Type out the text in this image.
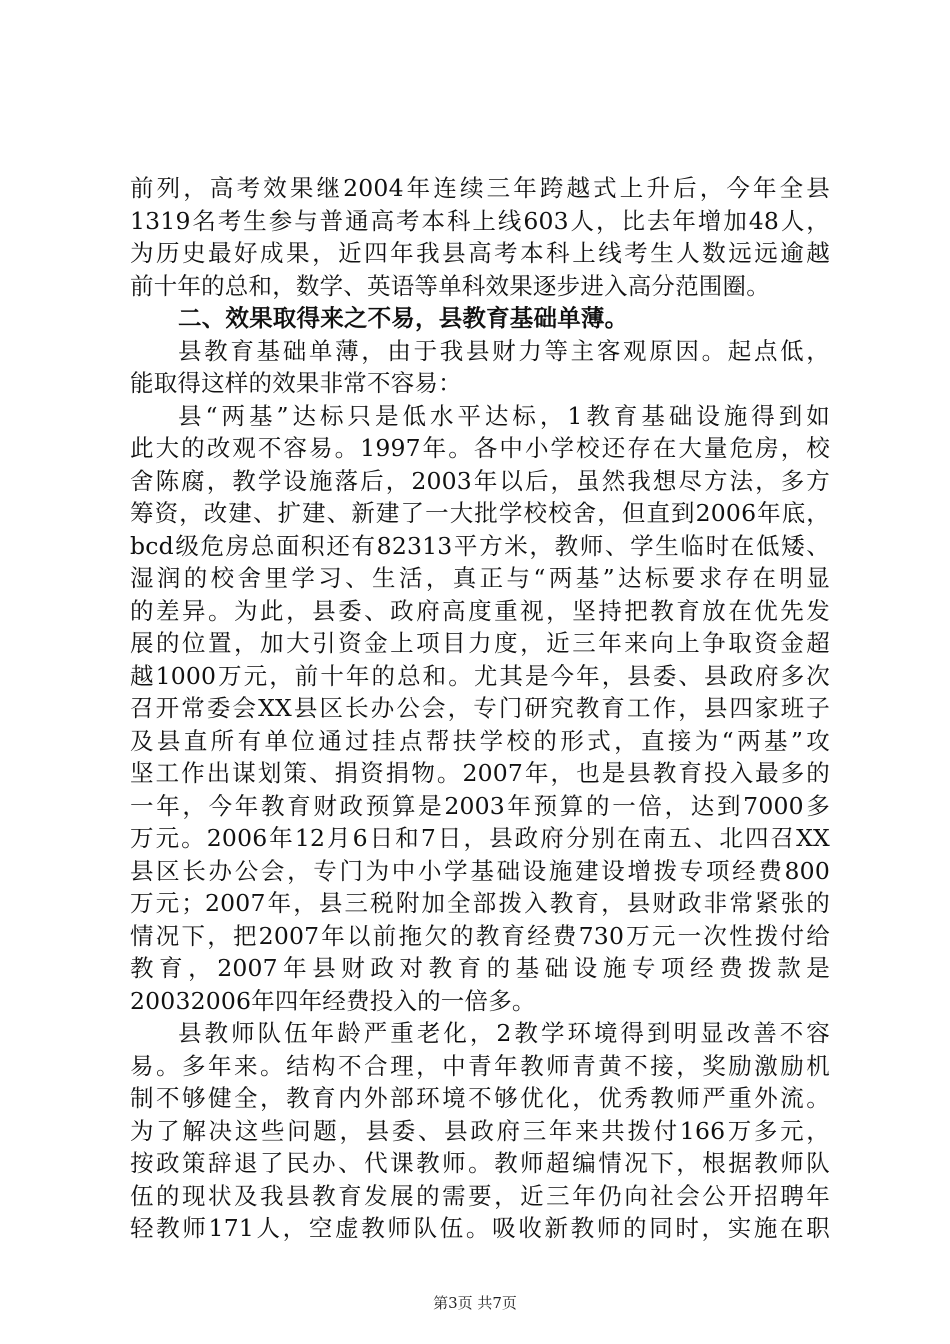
前列，高考效果继2004年连续三年跨越式上升后，今年全县
1319名考生参与普通高考本科上线603人，比去年增加48人，
为历史最好成果，近四年我县高考本科上线考生人数远远逾越
前十年的总和，数学、英语等单科效果逐步进入高分范围圈。
二、效果取得来之不易，县教育基础单薄。
县教育基础单薄，由于我县财力等主客观原因。起点低，
能取得这样的效果非常不容易：
县“两基”达标只是低水平达标，1教育基础设施得到如
此大的改观不容易。1997年。各中小学校还存在大量危房，校
舍陈腐，教学设施落后，2003年以后，虽然我想尽方法，多方
筹资，改建、扩建、新建了一大批学校校舍，但直到2006年底，
bcd级危房总面积还有82313平方米，教师、学生临时在低矮、
湿润的校舍里学习、生活，真正与“两基”达标要求存在明显
的差异。为此，县委、政府高度重视，坚持把教育放在优先发
展的位置，加大引资金上项目力度，近三年来向上争取资金超
越1000万元，前十年的总和。尤其是今年，县委、县政府多次
召开常委会XX县区长办公会，专门研究教育工作，县四家班子
及县直所有单位通过挂点帮扶学校的形式，直接为“两基”攻
坚工作出谋划策、捐资捐物。2007年，也是县教育投入最多的
一年，今年教育财政预算是2003年预算的一倍，达到7000多
万元。2006年12月6日和7日，县政府分别在南五、北四召XX
县区长办公会，专门为中小学基础设施建设增拨专项经费800
万元；2007年，县三税附加全部拨入教育，县财政非常紧张的
情况下，把2007年以前拖欠的教育经费730万元一次性拨付给
教育，2007年县财政对教育的基础设施专项经费拨款是
20032006年四年经费投入的一倍多。
县教师队伍年龄严重老化，2教学环境得到明显改善不容
易。多年来。结构不合理，中青年教师青黄不接，奖励激励机
制不够健全，教育内外部环境不够优化，优秀教师严重外流。
为了解决这些问题，县委、县政府三年来共拨付166万多元，
按政策辞退了民办、代课教师。教师超编情况下，根据教师队
伍的现状及我县教育发展的需要，近三年仍向社会公开招聘年
轻教师171人，空虚教师队伍。吸收新教师的同时，实施在职
第3页 共7页
